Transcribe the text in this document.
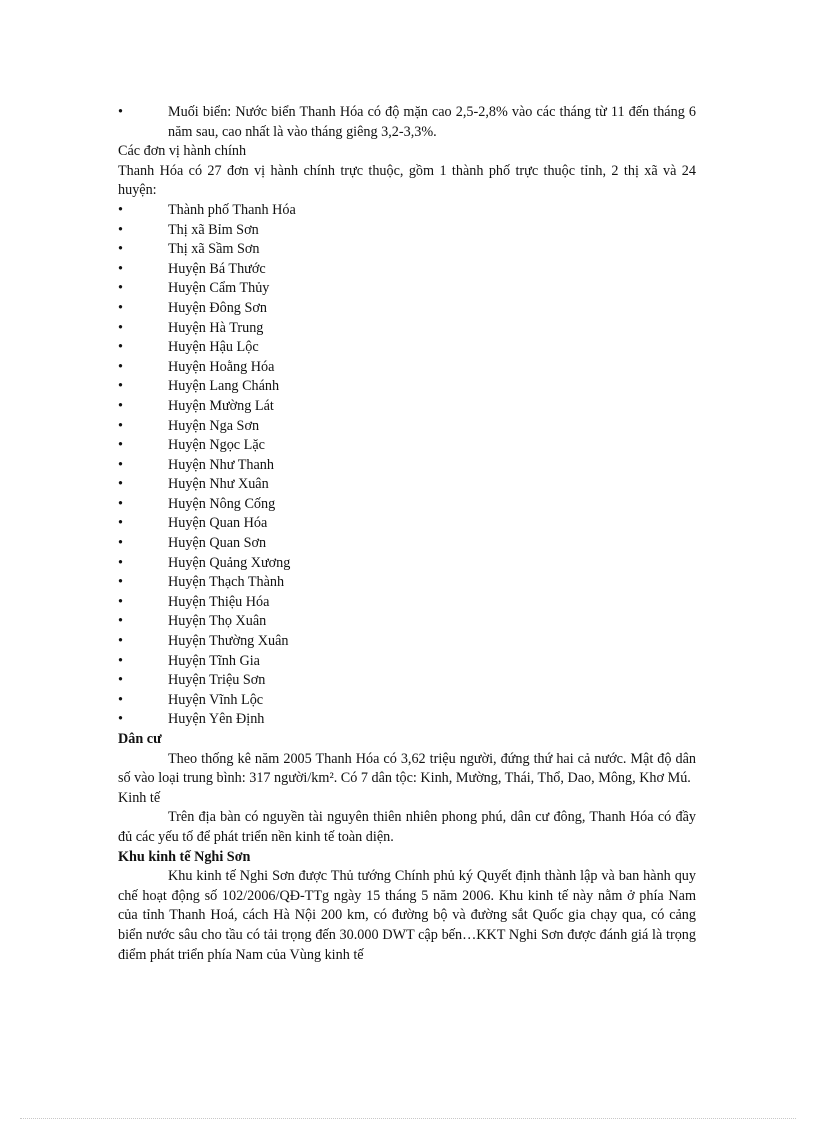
•	Muối biển: Nước biển Thanh Hóa có độ mặn cao 2,5-2,8% vào các tháng từ 11 đến tháng 6 năm sau, cao nhất là vào tháng giêng 3,2-3,3%.

Các đơn vị hành chính

Thanh Hóa có 27 đơn vị hành chính trực thuộc, gồm 1 thành phố trực thuộc tỉnh, 2 thị xã và 24 huyện:

•	Thành phố Thanh Hóa
•	Thị xã Bỉm Sơn
•	Thị xã Sầm Sơn
•	Huyện Bá Thước
•	Huyện Cẩm Thủy
•	Huyện Đông Sơn
•	Huyện Hà Trung
•	Huyện Hậu Lộc
•	Huyện Hoằng Hóa
•	Huyện Lang Chánh
•	Huyện Mường Lát
•	Huyện Nga Sơn
•	Huyện Ngọc Lặc
•	Huyện Như Thanh
•	Huyện Như Xuân
•	Huyện Nông Cống
•	Huyện Quan Hóa
•	Huyện Quan Sơn
•	Huyện Quảng Xương
•	Huyện Thạch Thành
•	Huyện Thiệu Hóa
•	Huyện Thọ Xuân
•	Huyện Thường Xuân
•	Huyện Tĩnh Gia
•	Huyện Triệu Sơn
•	Huyện Vĩnh Lộc
•	Huyện Yên Định

Dân cư

Theo thống kê năm 2005 Thanh Hóa có 3,62 triệu người, đứng thứ hai cả nước. Mật độ dân số vào loại trung bình: 317 người/km². Có 7 dân tộc: Kinh, Mường, Thái, Thổ, Dao, Mông, Khơ Mú.

Kinh tế

Trên địa bàn có nguyền tài nguyên thiên nhiên phong phú, dân cư đông, Thanh Hóa có đầy đủ các yếu tố để phát triển nền kinh tế toàn diện.

Khu kinh tế Nghi Sơn

Khu kinh tế Nghi Sơn được Thủ tướng Chính phủ ký Quyết định thành lập và ban hành quy chế hoạt động số 102/2006/QĐ-TTg ngày 15 tháng 5 năm 2006. Khu kinh tế này nằm ở phía Nam của tỉnh Thanh Hoá, cách Hà Nội 200 km, có đường bộ và đường sắt Quốc gia chạy qua, có cảng biển nước sâu cho tầu có tải trọng đến 30.000 DWT cập bến…KKT Nghi Sơn được đánh giá là trọng điểm phát triển phía Nam của Vùng kinh tế
